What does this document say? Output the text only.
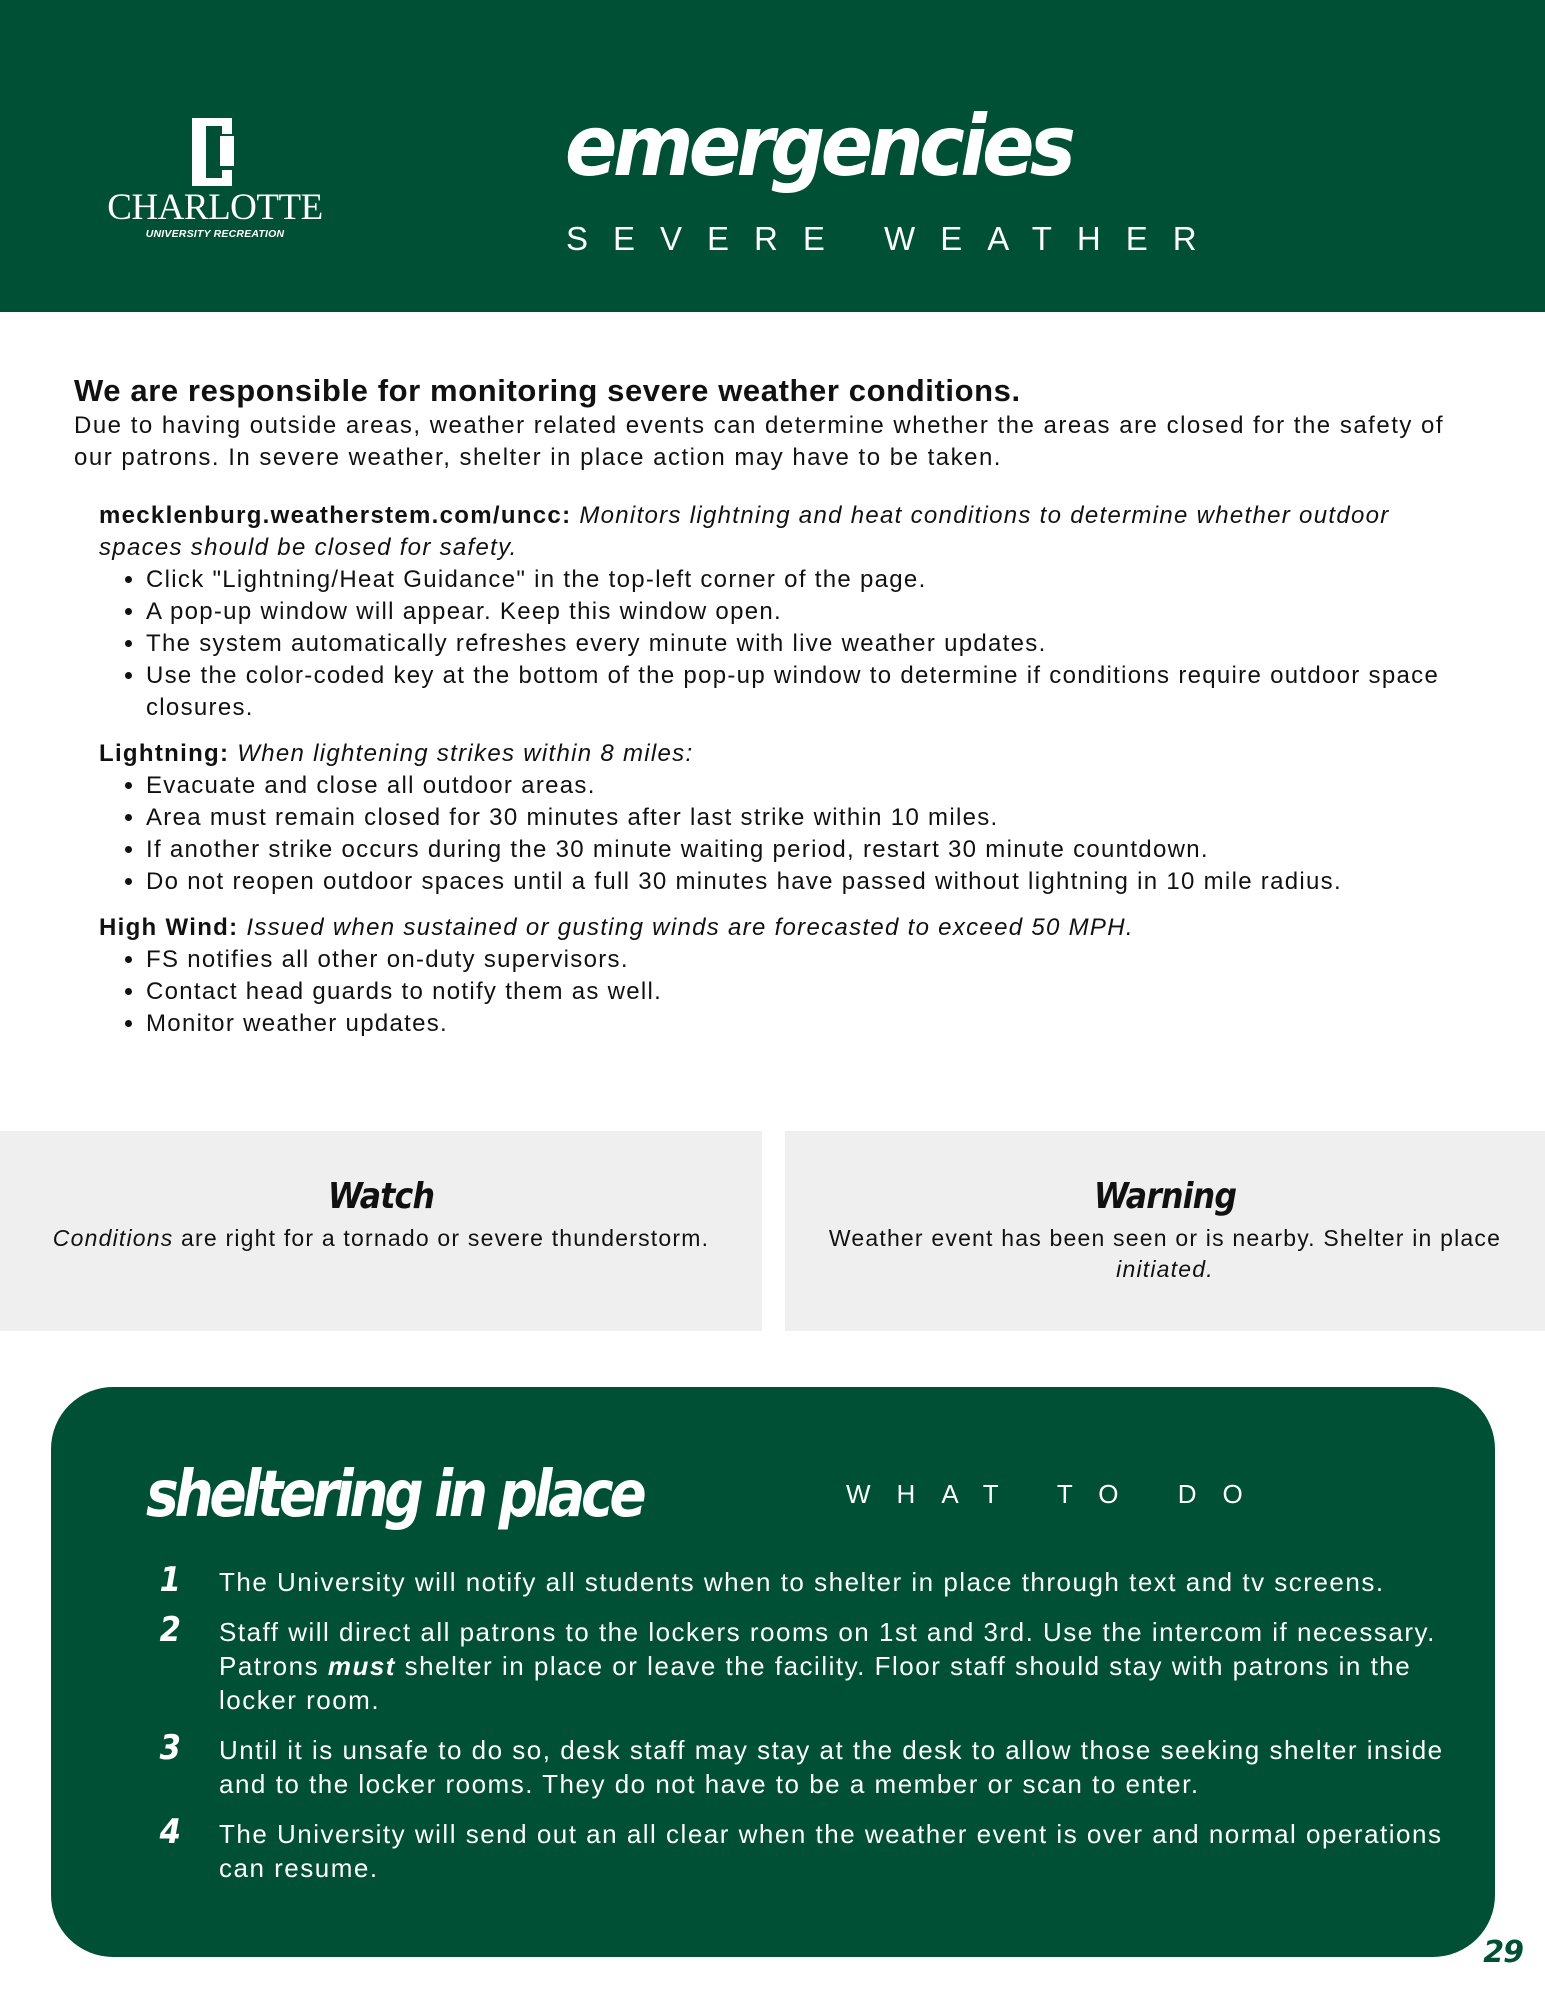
CHARLOTTE
UNIVERSITY RECREATION
emergencies
SEVERE WEATHER

We are responsible for monitoring severe weather conditions.

Due to having outside areas, weather related events can determine whether the areas are closed for the safety of our patrons. In severe weather, shelter in place action may have to be taken.

mecklenburg.weatherstem.com/uncc: Monitors lightning and heat conditions to determine whether outdoor spaces should be closed for safety.
• Click "Lightning/Heat Guidance" in the top-left corner of the page.
• A pop-up window will appear. Keep this window open.
• The system automatically refreshes every minute with live weather updates.
• Use the color-coded key at the bottom of the pop-up window to determine if conditions require outdoor space closures.
Lightning: When lightening strikes within 8 miles:
• Evacuate and close all outdoor areas.
• Area must remain closed for 30 minutes after last strike within 10 miles.
• If another strike occurs during the 30 minute waiting period, restart 30 minute countdown.
• Do not reopen outdoor spaces until a full 30 minutes have passed without lightning in 10 mile radius.
High Wind: Issued when sustained or gusting winds are forecasted to exceed 50 MPH.
• FS notifies all other on-duty supervisors.
• Contact head guards to notify them as well.
• Monitor weather updates.
Watch
Conditions are right for a tornado or severe thunderstorm.
Warning
Weather event has been seen or is nearby. Shelter in place initiated.
sheltering in place	WHAT TO DO
1 The University will notify all students when to shelter in place through text and tv screens.
2 Staff will direct all patrons to the lockers rooms on 1st and 3rd. Use the intercom if necessary. Patrons must shelter in place or leave the facility. Floor staff should stay with patrons in the locker room.
3 Until it is unsafe to do so, desk staff may stay at the desk to allow those seeking shelter inside and to the locker rooms. They do not have to be a member or scan to enter.
4 The University will send out an all clear when the weather event is over and normal operations can resume.
29
